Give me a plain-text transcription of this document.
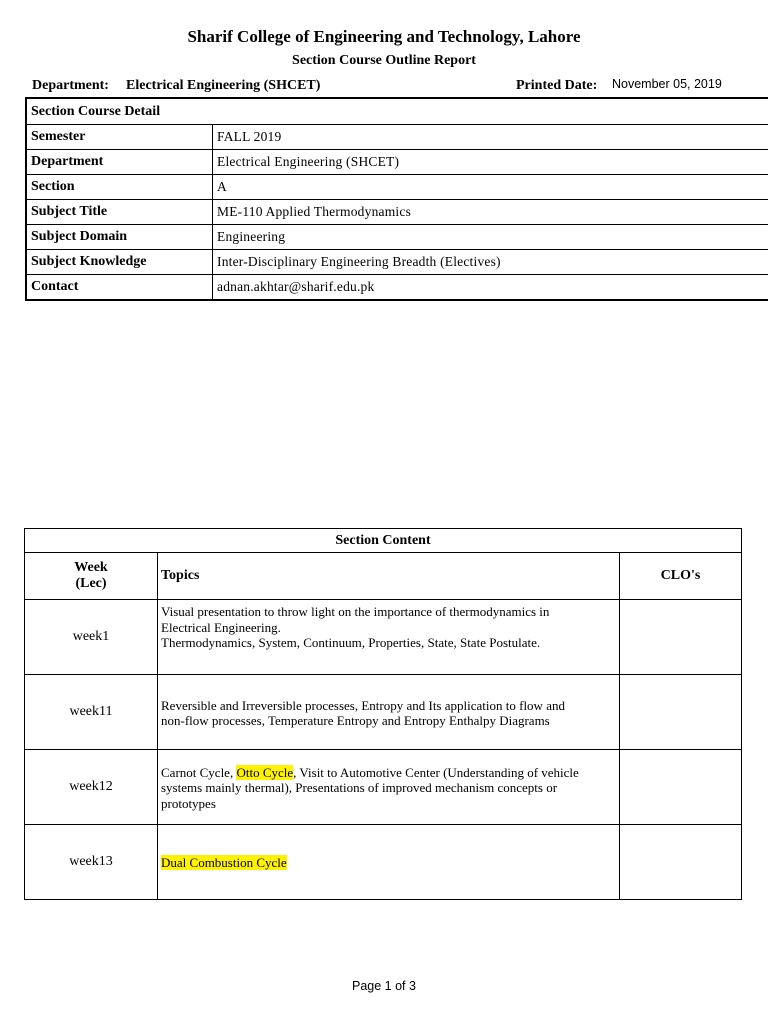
Sharif College of Engineering and Technology, Lahore
Section Course Outline Report
Department: Electrical Engineering (SHCET)	Printed Date: November 05, 2019
Section Course Detail	
Semester	FALL 2019
Department	Electrical Engineering (SHCET)
Section	A
Subject Title	ME-110 Applied Thermodynamics
Subject Domain	Engineering
Subject Knowledge	Inter-Disciplinary Engineering Breadth (Electives)
Contact	adnan.akhtar@sharif.edu.pk
Section Content		
Week
(Lec)	Topics	CLO's
week1	Visual presentation to throw light on the importance of thermodynamics in
Electrical Engineering.
Thermodynamics, System, Continuum, Properties, State, State Postulate.	
week11	Reversible and Irreversible processes, Entropy and Its application to flow and
non-flow processes, Temperature Entropy and Entropy Enthalpy Diagrams	
week12	Carnot Cycle, Otto Cycle, Visit to Automotive Center (Understanding of vehicle
systems mainly thermal), Presentations of improved mechanism concepts or
prototypes	
week13	Dual Combustion Cycle	
Page 1 of 3
